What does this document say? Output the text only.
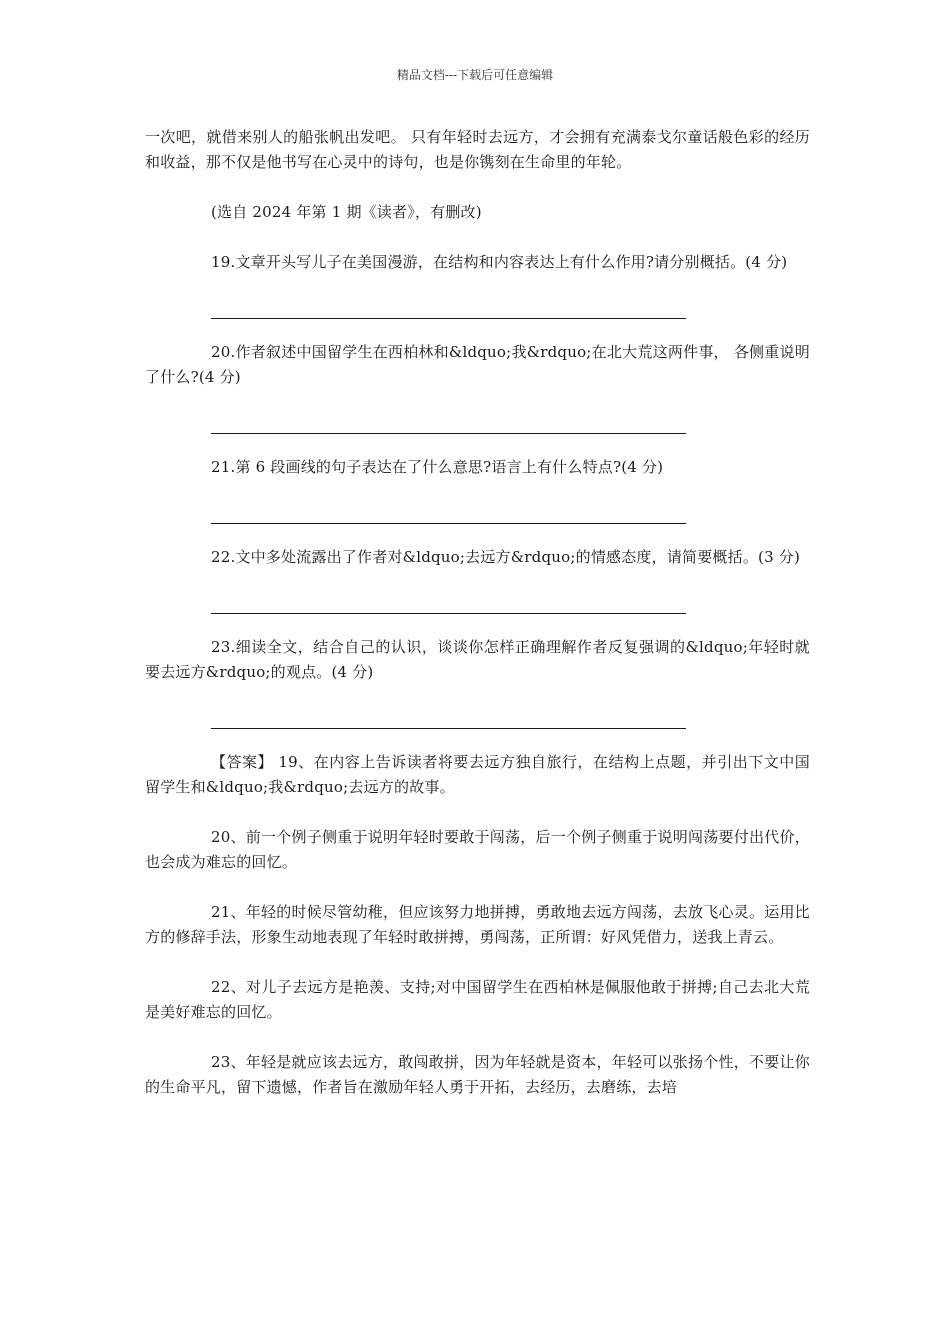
精品文档---下载后可任意编辑

一次吧，就借来别人的船张帆出发吧。 只有年轻时去远方，才会拥有充满泰戈尔童话般色彩的经历和收益，那不仅是他书写在心灵中的诗句，也是你镌刻在生命里的年轮。

(选自 2024 年第 1 期《读者》，有删改)

19.文章开头写儿子在美国漫游，在结构和内容表达上有什么作用?请分别概括。(4 分)

20.作者叙述中国留学生在西柏林和&ldquo;我&rdquo;在北大荒这两件事， 各侧重说明了什么?(4 分)

21.第 6 段画线的句子表达在了什么意思?语言上有什么特点?(4 分)

22.文中多处流露出了作者对&ldquo;去远方&rdquo;的情感态度，请简要概括。(3 分)

23.细读全文，结合自己的认识，谈谈你怎样正确理解作者反复强调的&ldquo;年轻时就要去远方&rdquo;的观点。(4 分)

【答案】 19、在内容上告诉读者将要去远方独自旅行，在结构上点题，并引出下文中国留学生和&ldquo;我&rdquo;去远方的故事。

20、前一个例子侧重于说明年轻时要敢于闯荡，后一个例子侧重于说明闯荡要付出代价，也会成为难忘的回忆。

21、年轻的时候尽管幼稚，但应该努力地拼搏，勇敢地去远方闯荡，去放飞心灵。运用比方的修辞手法，形象生动地表现了年轻时敢拼搏，勇闯荡，正所谓：好风凭借力，送我上青云。

22、对儿子去远方是艳羡、支持;对中国留学生在西柏林是佩服他敢于拼搏;自己去北大荒是美好难忘的回忆。

23、年轻是就应该去远方，敢闯敢拼，因为年轻就是资本，年轻可以张扬个性，不要让你的生命平凡，留下遗憾，作者旨在激励年轻人勇于开拓，去经历，去磨练，去培
